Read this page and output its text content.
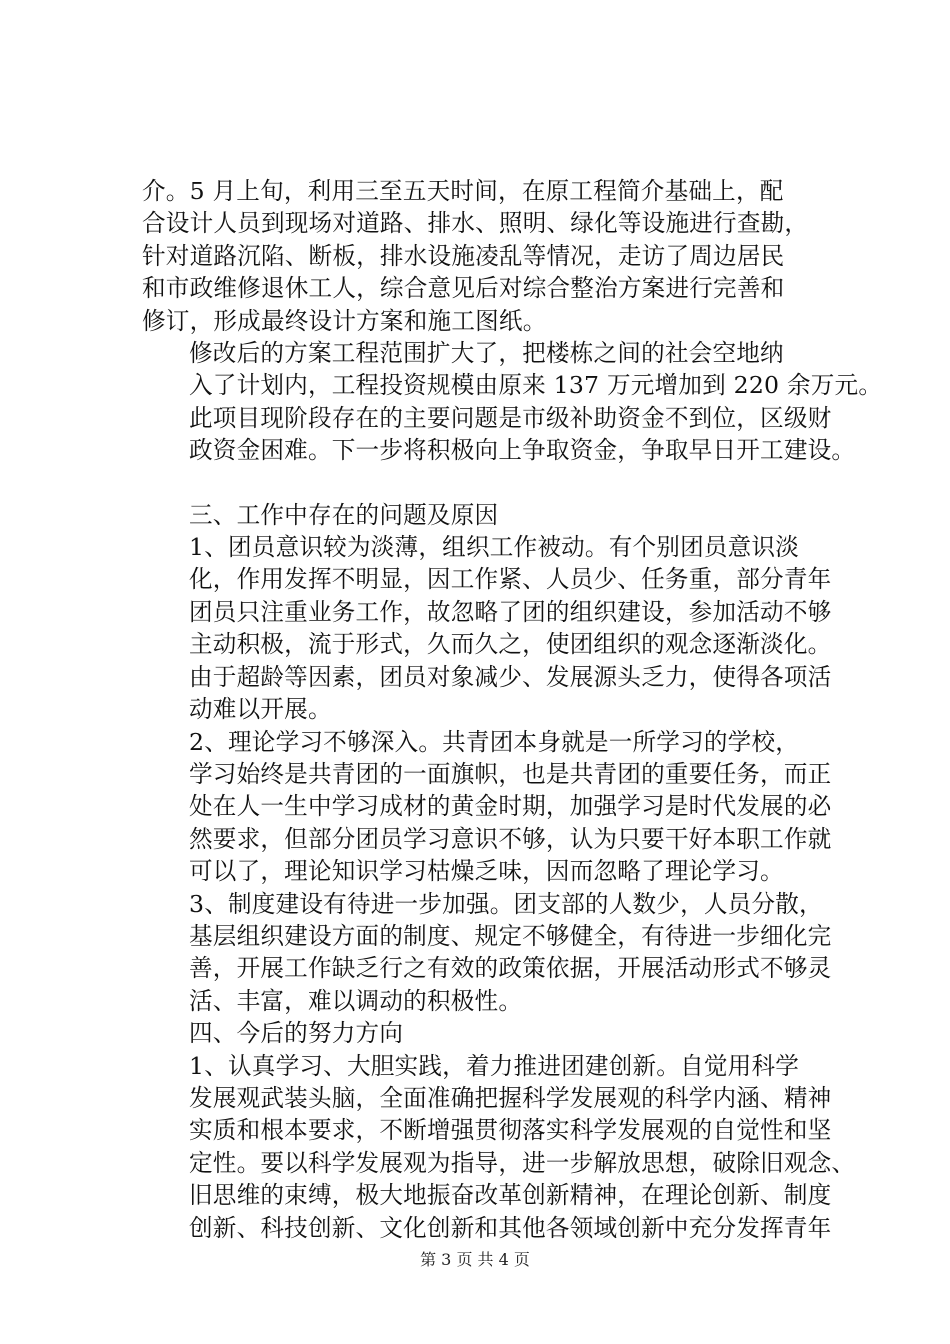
介。5 月上旬，利用三至五天时间，在原工程简介基础上，配
合设计人员到现场对道路、排水、照明、绿化等设施进行查勘，
针对道路沉陷、断板，排水设施凌乱等情况，走访了周边居民
和市政维修退休工人，综合意见后对综合整治方案进行完善和
修订，形成最终设计方案和施工图纸。

修改后的方案工程范围扩大了，把楼栋之间的社会空地纳
入了计划内，工程投资规模由原来 137 万元增加到 220 余万元。
此项目现阶段存在的主要问题是市级补助资金不到位，区级财
政资金困难。下一步将积极向上争取资金，争取早日开工建设。

三、工作中存在的问题及原因

1、团员意识较为淡薄，组织工作被动。有个别团员意识淡
化，作用发挥不明显，因工作紧、人员少、任务重，部分青年
团员只注重业务工作，故忽略了团的组织建设，参加活动不够
主动积极，流于形式，久而久之，使团组织的观念逐渐淡化。
由于超龄等因素，团员对象减少、发展源头乏力，使得各项活
动难以开展。

2、理论学习不够深入。共青团本身就是一所学习的学校，
学习始终是共青团的一面旗帜，也是共青团的重要任务，而正
处在人一生中学习成材的黄金时期，加强学习是时代发展的必
然要求，但部分团员学习意识不够，认为只要干好本职工作就
可以了，理论知识学习枯燥乏味，因而忽略了理论学习。

3、制度建设有待进一步加强。团支部的人数少，人员分散，
基层组织建设方面的制度、规定不够健全，有待进一步细化完
善，开展工作缺乏行之有效的政策依据，开展活动形式不够灵
活、丰富，难以调动的积极性。

四、今后的努力方向

1、认真学习、大胆实践，着力推进团建创新。自觉用科学
发展观武装头脑，全面准确把握科学发展观的科学内涵、精神
实质和根本要求，不断增强贯彻落实科学发展观的自觉性和坚
定性。要以科学发展观为指导，进一步解放思想，破除旧观念、
旧思维的束缚，极大地振奋改革创新精神，在理论创新、制度
创新、科技创新、文化创新和其他各领域创新中充分发挥青年

第 3 页 共 4 页
